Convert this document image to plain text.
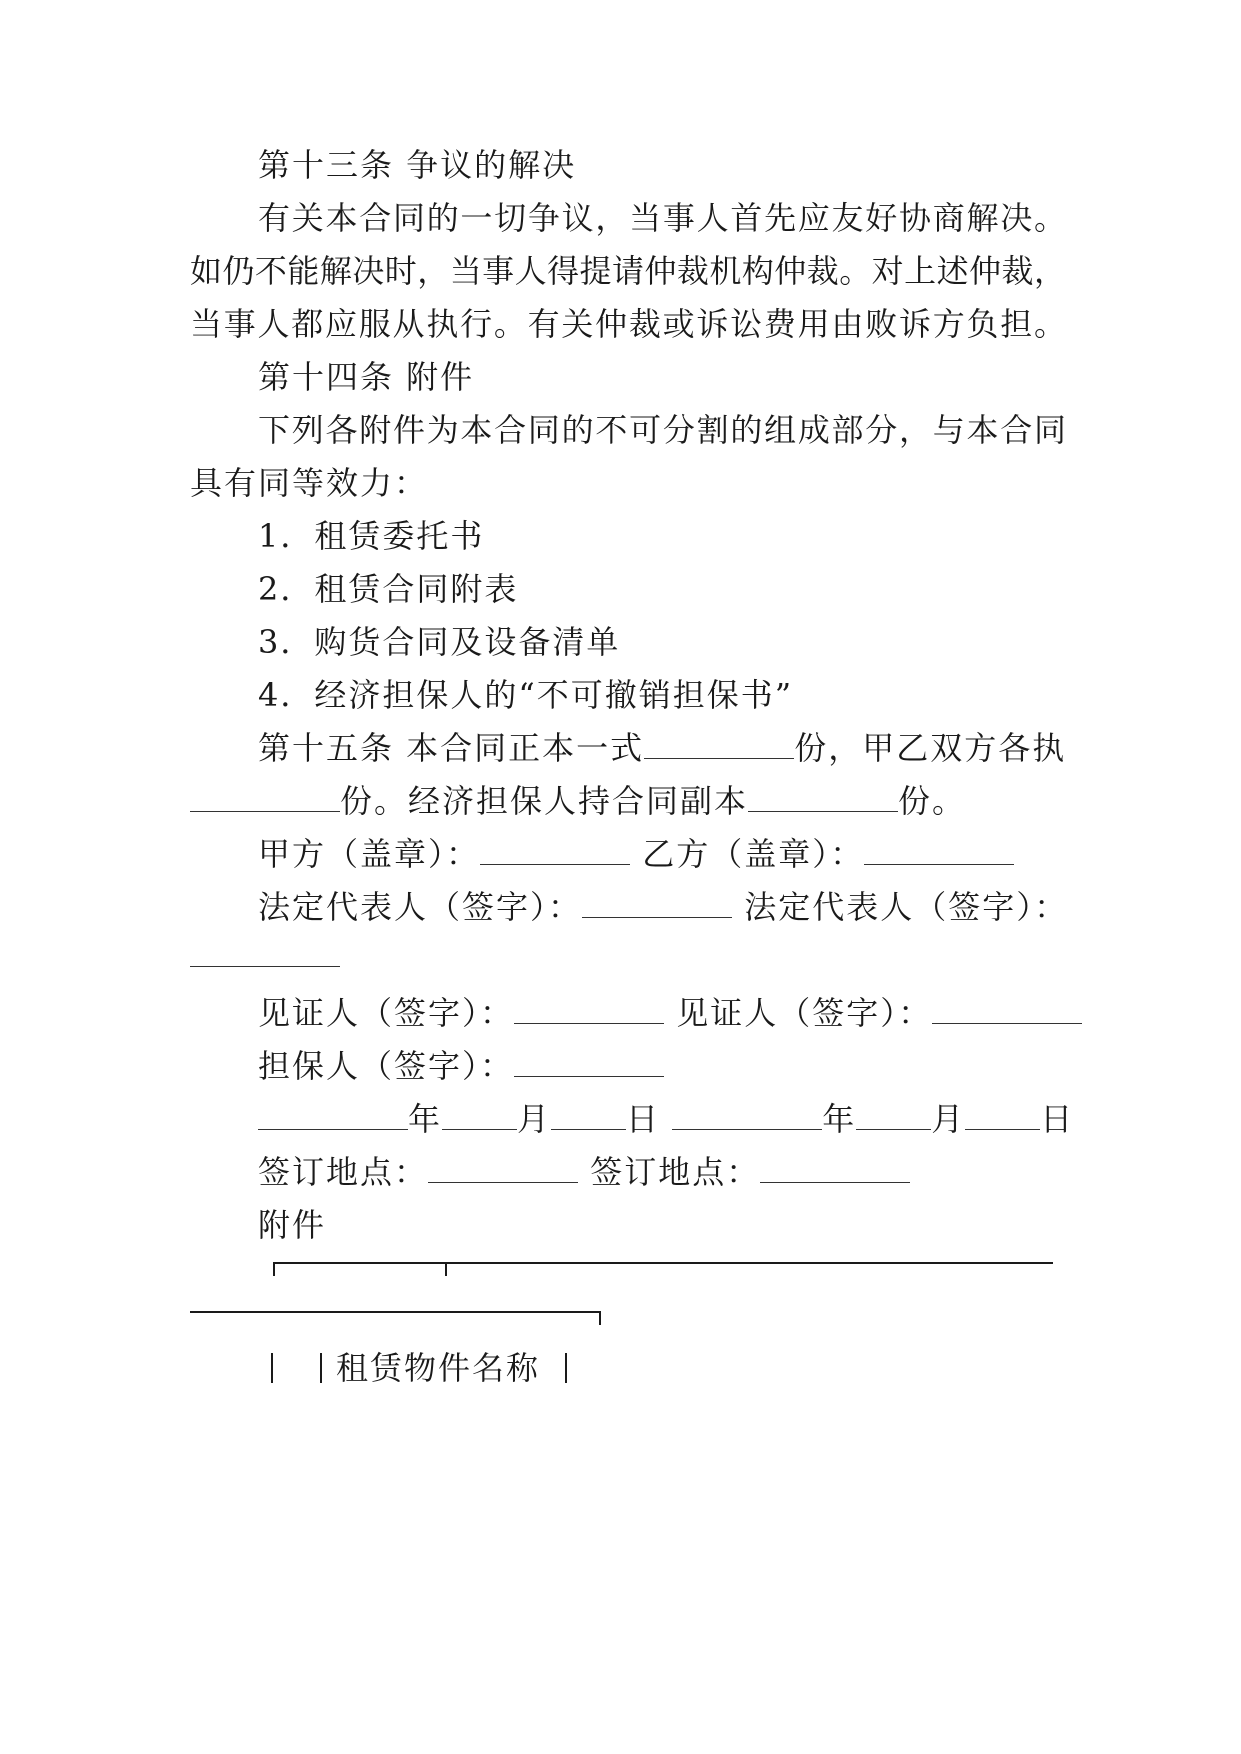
第十三条 争议的解决

有关本合同的一切争议，当事人首先应友好协商解决。

如仍不能解决时，当事人得提请仲裁机构仲裁。对上述仲裁，

当事人都应服从执行。有关仲裁或诉讼费用由败诉方负担。

第十四条 附件

下列各附件为本合同的不可分割的组成部分，与本合同

具有同等效力：

1．租赁委托书

2．租赁合同附表

3．购货合同及设备清单

4．经济担保人的“不可撤销担保书”

第十五条 本合同正本一式	份，甲乙双方各执

份。经济担保人持合同副本	份。

甲方（盖章）：	乙方（盖章）：

法定代表人（签字）：	法定代表人（签字）：

见证人（签字）：	见证人（签字）：

担保人（签字）：

年 月 日	年 月 日

签订地点：	签订地点：

附件

租赁物件名称
